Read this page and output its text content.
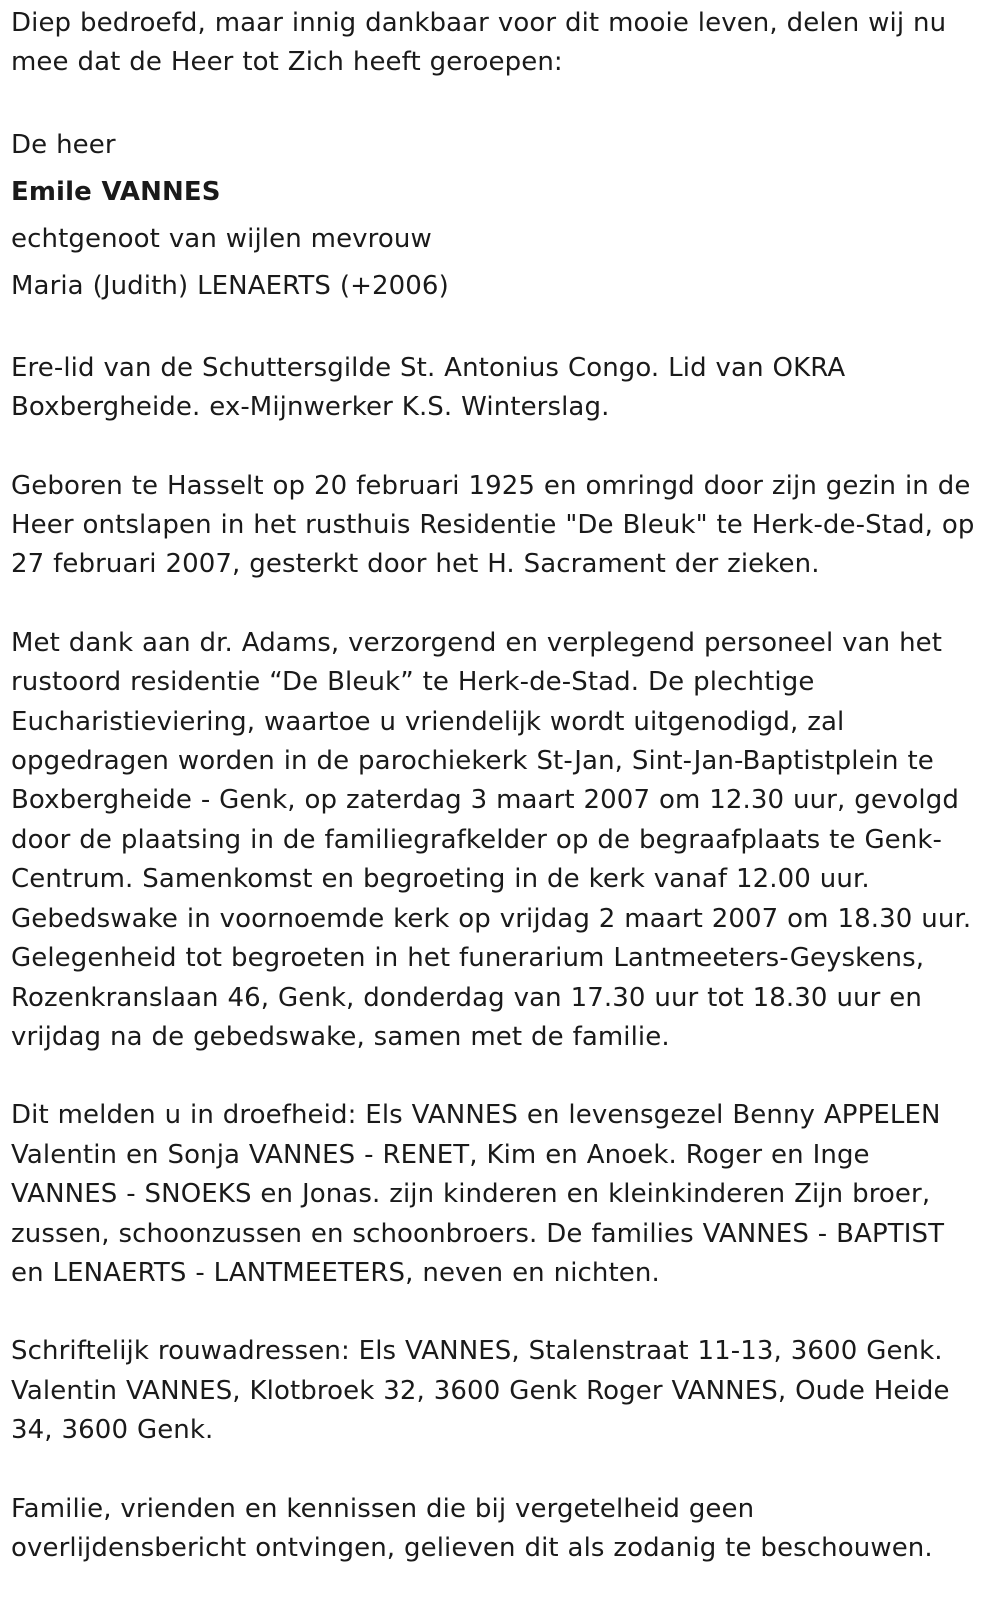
Diep bedroefd, maar innig dankbaar voor dit mooie leven, delen wij nu mee dat de Heer tot Zich heeft geroepen:

De heer

Emile VANNES

echtgenoot van wijlen mevrouw

Maria (Judith) LENAERTS (+2006)

Ere-lid van de Schuttersgilde St. Antonius Congo. Lid van OKRA Boxbergheide. ex-Mijnwerker K.S. Winterslag.

Geboren te Hasselt op 20 februari 1925 en omringd door zijn gezin in de Heer ontslapen in het rusthuis Residentie "De Bleuk" te Herk-de-Stad, op 27 februari 2007, gesterkt door het H. Sacrament der zieken.

Met dank aan dr. Adams, verzorgend en verplegend personeel van het rustoord residentie “De Bleuk” te Herk-de-Stad. De plechtige Eucharistieviering, waartoe u vriendelijk wordt uitgenodigd, zal opgedragen worden in de parochiekerk St-Jan, Sint-Jan-Baptistplein te Boxbergheide - Genk, op zaterdag 3 maart 2007 om 12.30 uur, gevolgd door de plaatsing in de familiegrafkelder op de begraafplaats te Genk-Centrum. Samenkomst en begroeting in de kerk vanaf 12.00 uur. Gebedswake in voornoemde kerk op vrijdag 2 maart 2007 om 18.30 uur. Gelegenheid tot begroeten in het funerarium Lantmeeters-Geyskens, Rozenkranslaan 46, Genk, donderdag van 17.30 uur tot 18.30 uur en vrijdag na de gebedswake, samen met de familie.

Dit melden u in droefheid: Els VANNES en levensgezel Benny APPELEN Valentin en Sonja VANNES - RENET, Kim en Anoek. Roger en Inge VANNES - SNOEKS en Jonas. zijn kinderen en kleinkinderen Zijn broer, zussen, schoonzussen en schoonbroers. De families VANNES - BAPTIST en LENAERTS - LANTMEETERS, neven en nichten.

Schriftelijk rouwadressen: Els VANNES, Stalenstraat 11-13, 3600 Genk. Valentin VANNES, Klotbroek 32, 3600 Genk Roger VANNES, Oude Heide 34, 3600 Genk.

Familie, vrienden en kennissen die bij vergetelheid geen overlijdensbericht ontvingen, gelieven dit als zodanig te beschouwen.
